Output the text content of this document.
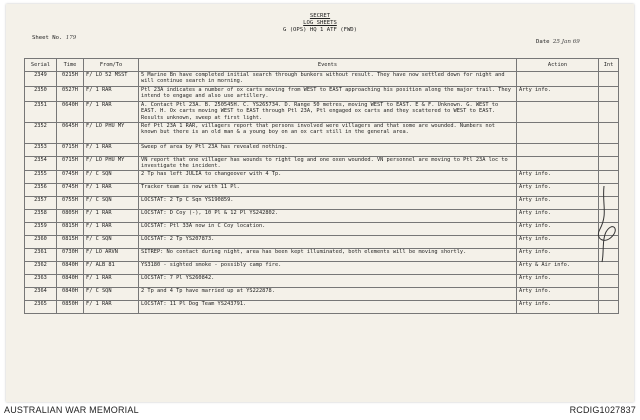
SECRET
LOG SHEETS
G (OPS) HQ 1 ATF (FWD)
Sheet No. 179
Date 25 Jan 69
Serial	Time	From/To	Events	Action	Int
2349	0215H	F/ LO 52 MSST	5 Marine Bn have completed initial search through bunkers without result. They have now settled down for night and will continue search in morning.		
2350	0527H	F/ 1 RAR	Ptl 23A indicates a number of ox carts moving from WEST to EAST approaching his position along the major trail. They intend to engage and also use artillery.	Arty info.	
2351	0640H	F/ 1 RAR	A. Contact Ptl 23A. B. 250545H. C. YS265734. D. Range 50 metres, moving WEST to EAST. E & F. Unknown. G. WEST to EAST. H. Ox carts moving WEST to EAST through Ptl 23A, Ptl engaged ox carts and they scattered to WEST to EAST. Results unknown, sweep at first light.		
2352	0645H	F/ LO PHU MY	Ref Ptl 23A 1 RAR, villagers report that persons involved were villagers and that some are wounded. Numbers not known but there is an old man & a young boy on an ox cart still in the general area.		
2353	0715H	F/ 1 RAR	Sweep of area by Ptl 23A has revealed nothing.		
2354	0715H	F/ LO PHU MY	VN report that one villager has wounds to right leg and one oxen wounded. VN personnel are moving to Ptl 23A loc to investigate the incident.		
2355	0745H	F/ C SQN	2 Tp has left JULIA to changeover with 4 Tp.	Arty info.	
2356	0745H	F/ 1 RAR	Tracker team is now with 11 Pl.	Arty info.	
2357	0755H	F/ C SQN	LOCSTAT: 2 Tp C Sqn YS190859.	Arty info.	
2358	0805H	F/ 1 RAR	LOCSTAT: D Coy (-), 10 Pl & 12 Pl YS242802.	Arty info.	
2359	0815H	F/ 1 RAR	LOCSTAT: Ptl 33A now in C Coy location.	Arty info.	
2360	0815H	F/ C SQN	LOCSTAT: 2 Tp YS207873.	Arty info.	
2361	0730H	F/ LO ARVN	SITREP: No contact during night, area has been kept illuminated, both elements will be moving shortly.	Arty info.	
2362	0840H	F/ ALB 81	YS3180 - sighted smoke - possibly camp fire.	Arty & Air info.	
2363	0840H	F/ 1 RAR	LOCSTAT: 7 Pl YS260842.	Arty info.	
2364	0840H	F/ C SQN	2 Tp and 4 Tp have married up at YS222878.	Arty info.	
2365	0850H	F/ 1 RAR	LOCSTAT: 11 Pl Dog Team YS243791.	Arty info.	
AUSTRALIAN WAR MEMORIAL	RCDIG1027837
